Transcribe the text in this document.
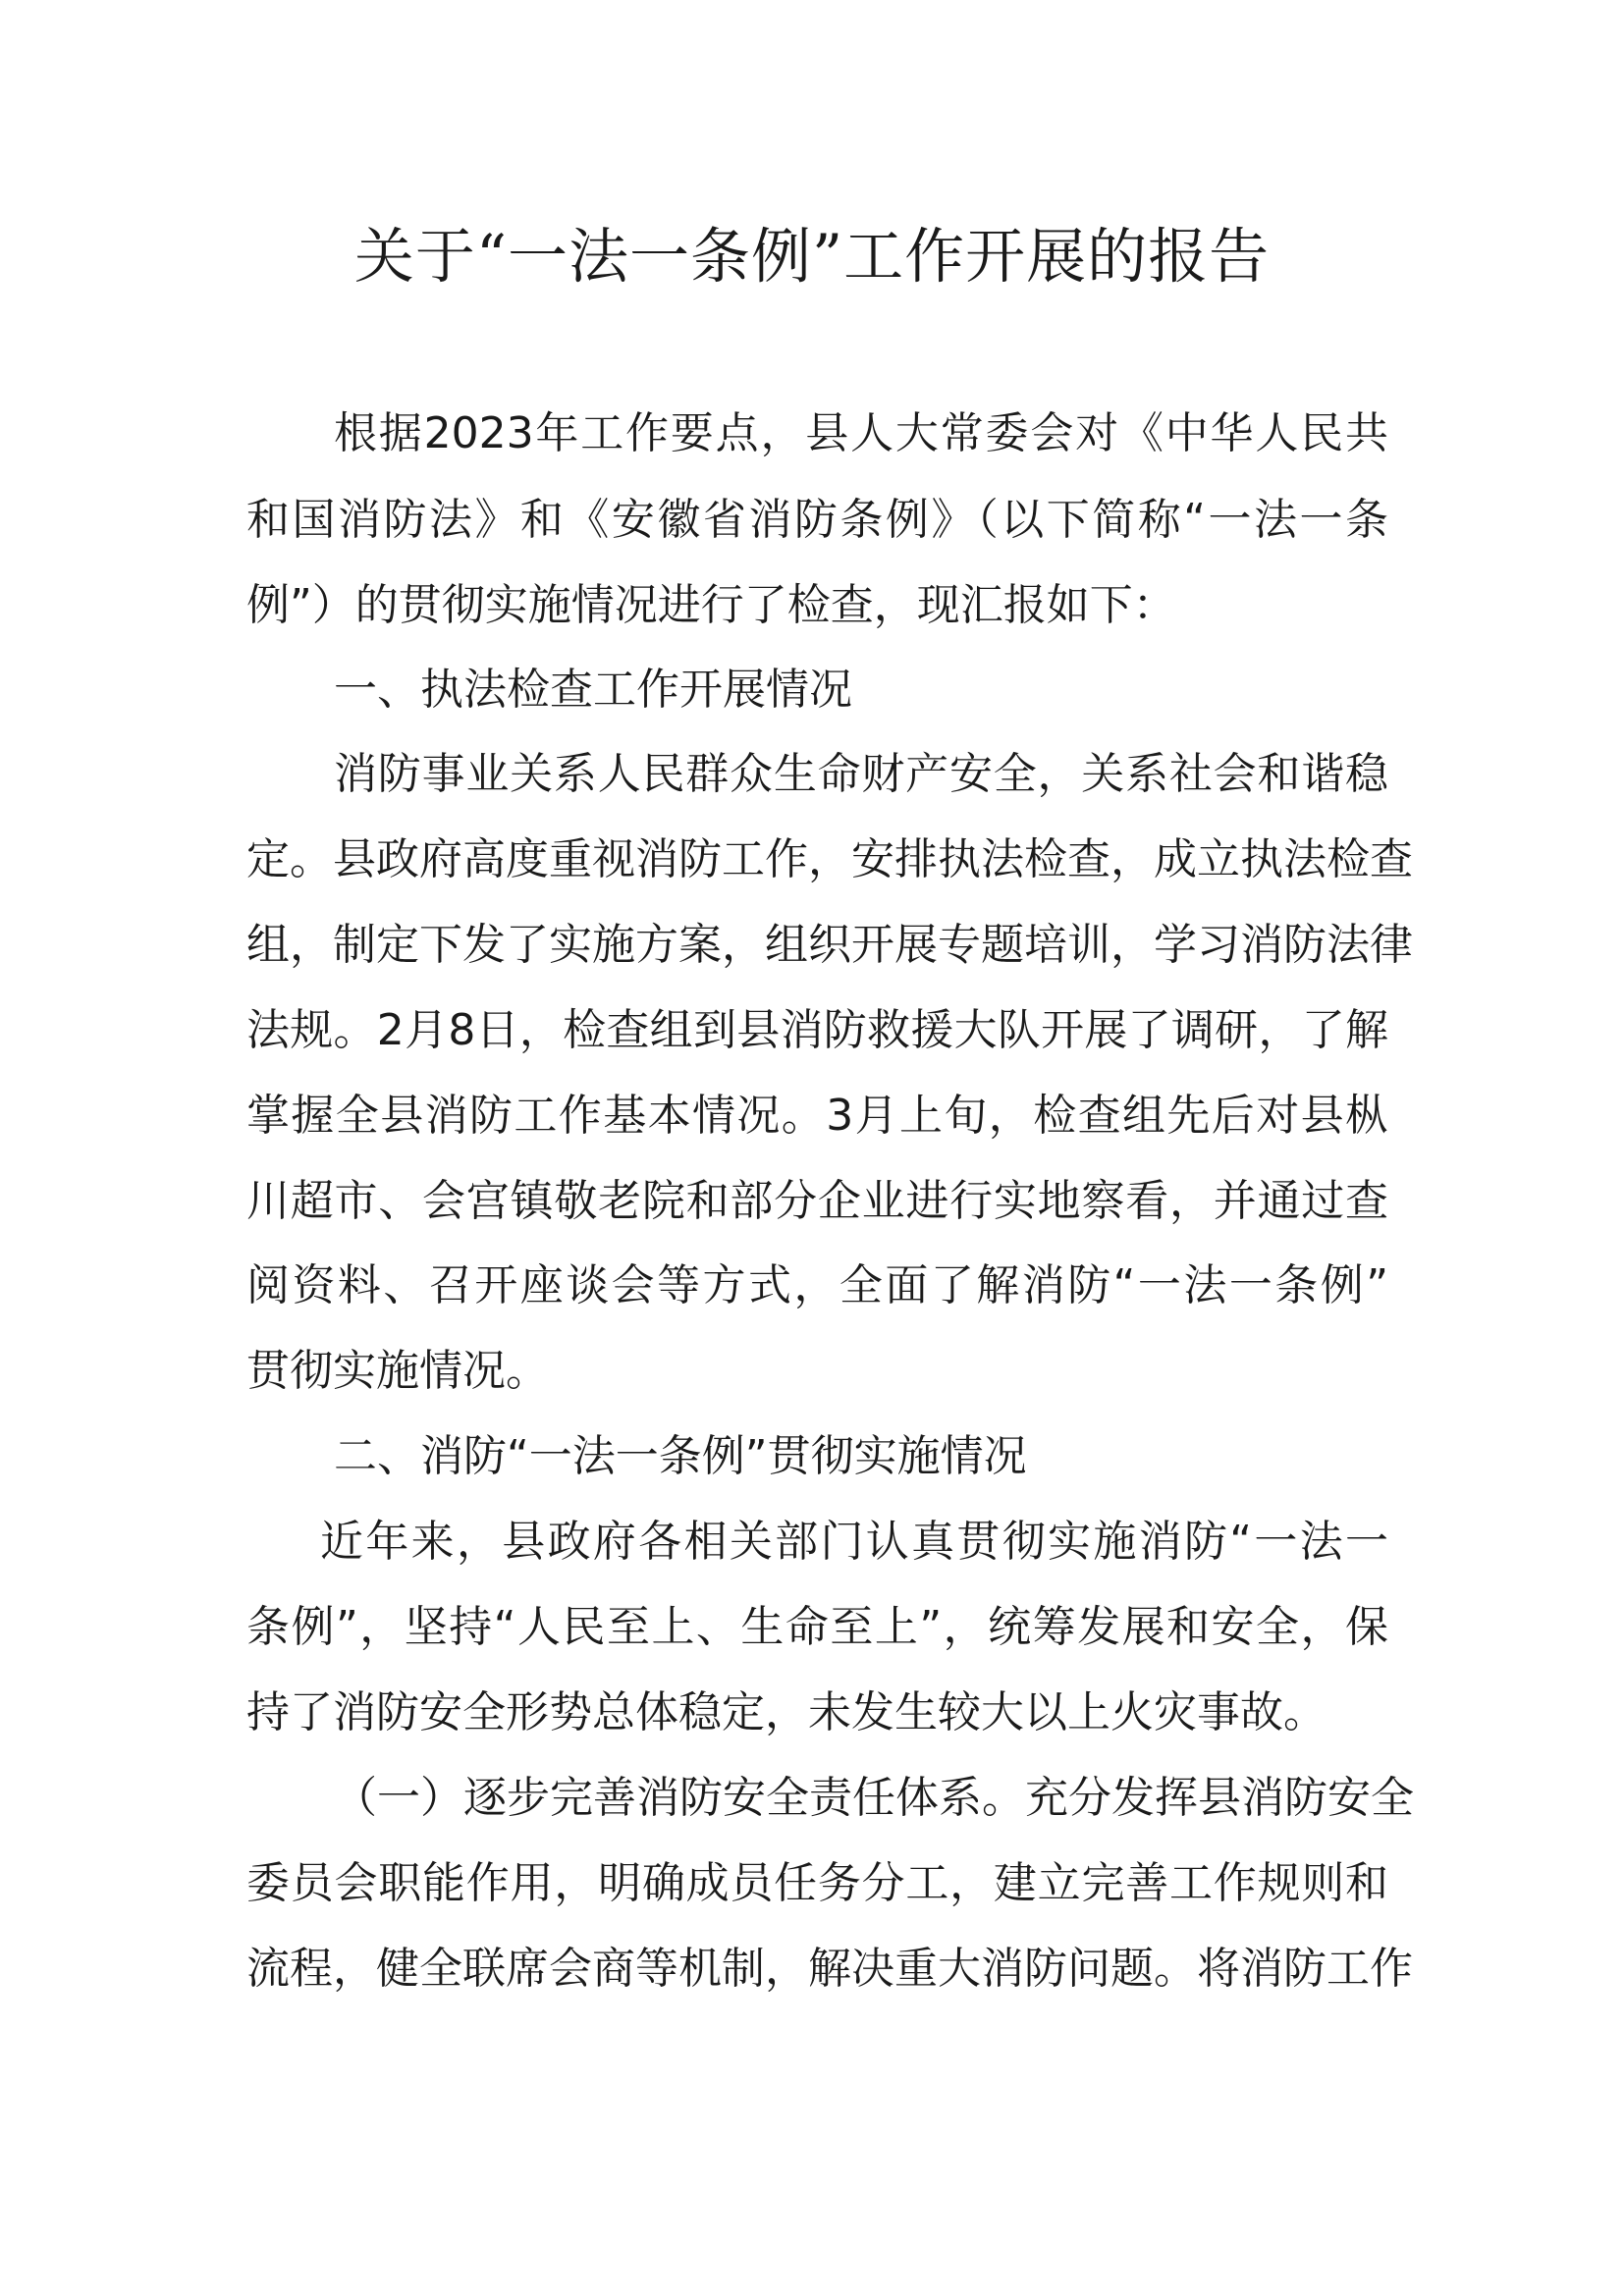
关于“一法一条例”工作开展的报告
根据2023年工作要点，县人大常委会对《中华人民共
和国消防法》和《安徽省消防条例》（以下简称“一法一条
例”）的贯彻实施情况进行了检查，现汇报如下：
一、执法检查工作开展情况
消防事业关系人民群众生命财产安全，关系社会和谐稳
定。县政府高度重视消防工作，安排执法检查，成立执法检查
组，制定下发了实施方案，组织开展专题培训，学习消防法律
法规。2月8日，检查组到县消防救援大队开展了调研，了解
掌握全县消防工作基本情况。3月上旬，检查组先后对县枞
川超市、会宫镇敬老院和部分企业进行实地察看，并通过查
阅资料、召开座谈会等方式，全面了解消防“一法一条例”
贯彻实施情况。
二、消防“一法一条例”贯彻实施情况
近年来，县政府各相关部门认真贯彻实施消防“一法一
条例”，坚持“人民至上、生命至上”，统筹发展和安全，保
持了消防安全形势总体稳定，未发生较大以上火灾事故。
（一）逐步完善消防安全责任体系。充分发挥县消防安全
委员会职能作用，明确成员任务分工，建立完善工作规则和
流程，健全联席会商等机制，解决重大消防问题。将消防工作
